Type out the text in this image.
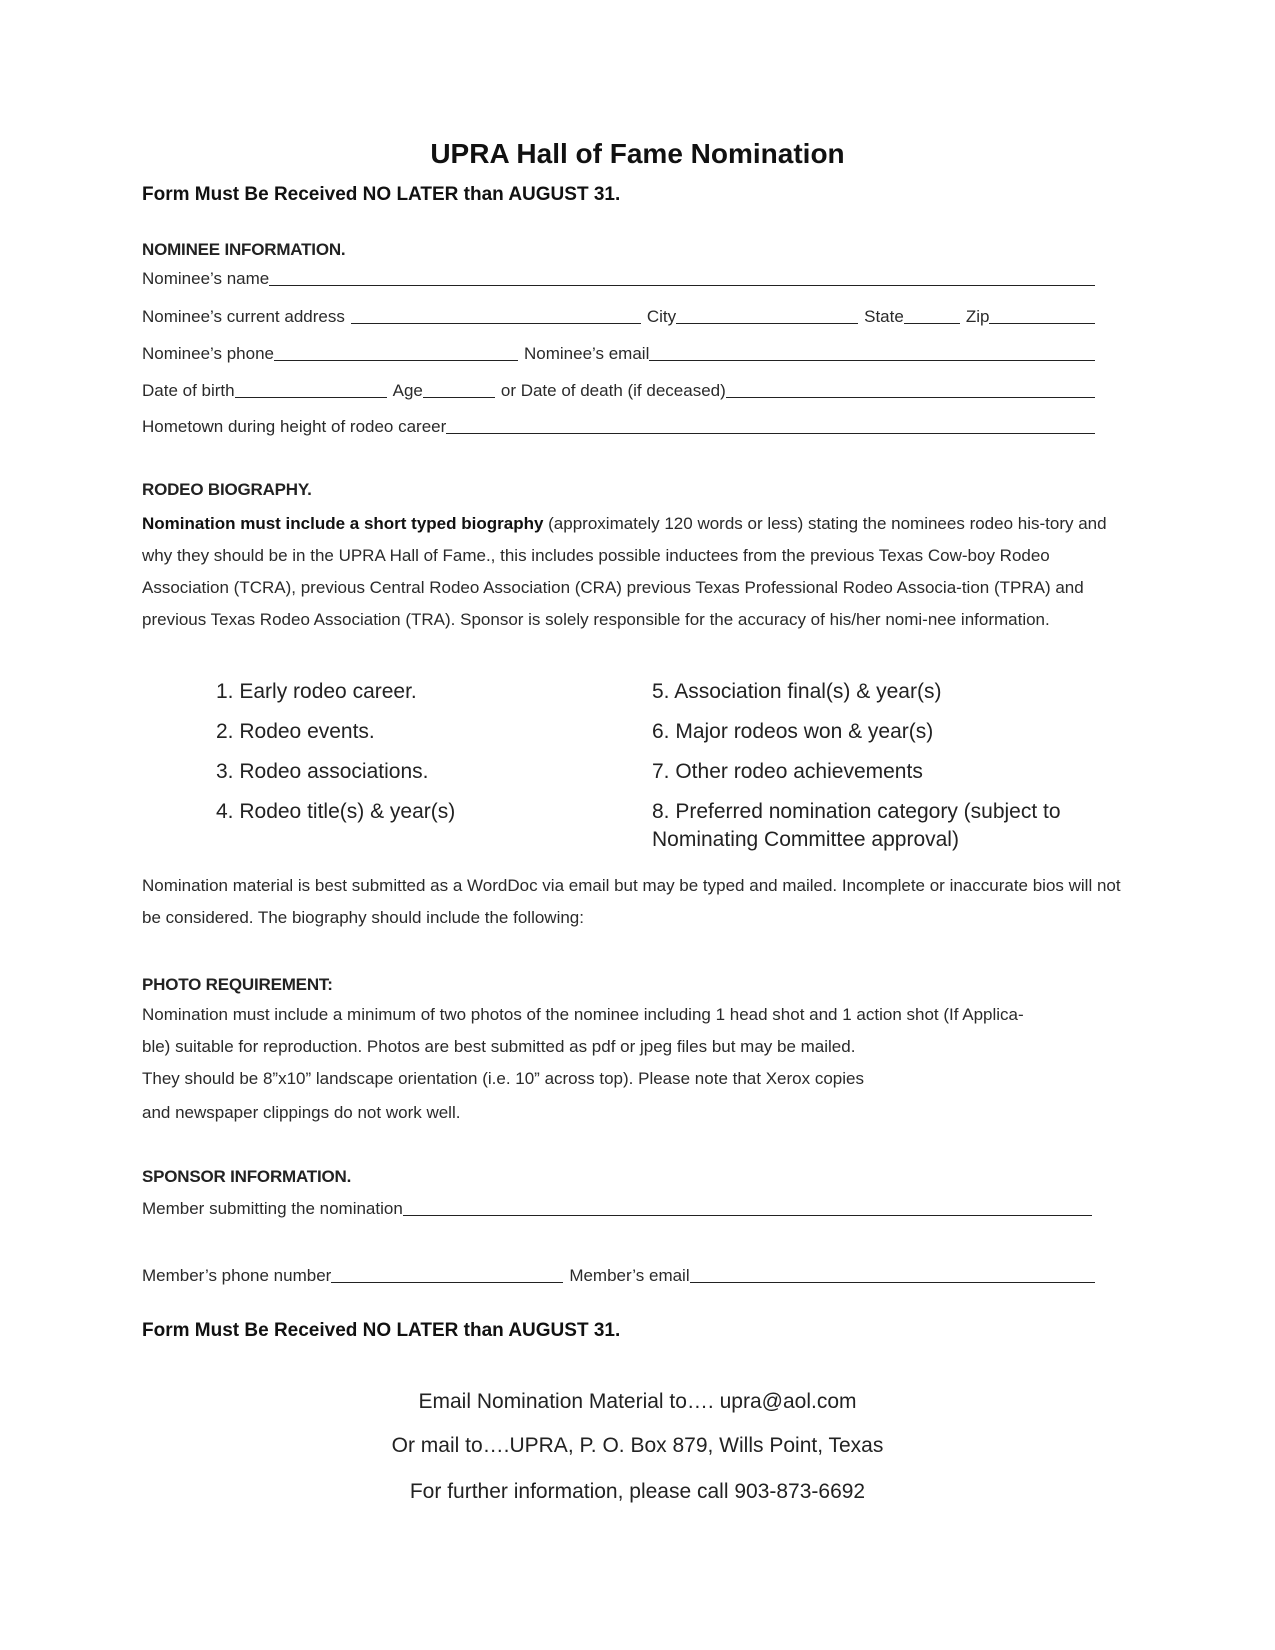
UPRA Hall of Fame Nomination
Form Must Be Received NO LATER than AUGUST 31.
NOMINEE INFORMATION.
Nominee’s name
Nominee’s current address	City	State	Zip
Nominee’s phone	Nominee’s email
Date of birth	Age	or Date of death (if deceased)
Hometown during height of rodeo career
RODEO BIOGRAPHY.
Nomination must include a short typed biography (approximately 120 words or less) stating the nominees rodeo his-tory and why they should be in the UPRA Hall of Fame., this includes possible inductees from the previous Texas Cow-boy Rodeo Association (TCRA), previous Central Rodeo Association (CRA) previous Texas Professional Rodeo Associa-tion (TPRA) and previous Texas Rodeo Association (TRA). Sponsor is solely responsible for the accuracy of his/her nomi-nee information.
1. Early rodeo career.
2. Rodeo events.
3. Rodeo associations.
4. Rodeo title(s) & year(s)
5. Association final(s) & year(s)
6. Major rodeos won & year(s)
7. Other rodeo achievements
8. Preferred nomination category (subject to Nominating Committee approval)
Nomination material is best submitted as a WordDoc via email but may be typed and mailed. Incomplete or inaccurate bios will not be considered. The biography should include the following:
PHOTO REQUIREMENT:
Nomination must include a minimum of two photos of the nominee including 1 head shot and 1 action shot (If Applica-
ble) suitable for reproduction. Photos are best submitted as pdf or jpeg files but may be mailed.
They should be 8”x10” landscape orientation (i.e. 10” across top). Please note that Xerox copies
and newspaper clippings do not work well.
SPONSOR INFORMATION.
Member submitting the nomination
Member’s phone number	Member’s email
Form Must Be Received NO LATER than AUGUST 31.
Email Nomination Material to…. upra@aol.com
Or mail to….UPRA, P. O. Box 879, Wills Point, Texas
For further information, please call 903-873-6692
